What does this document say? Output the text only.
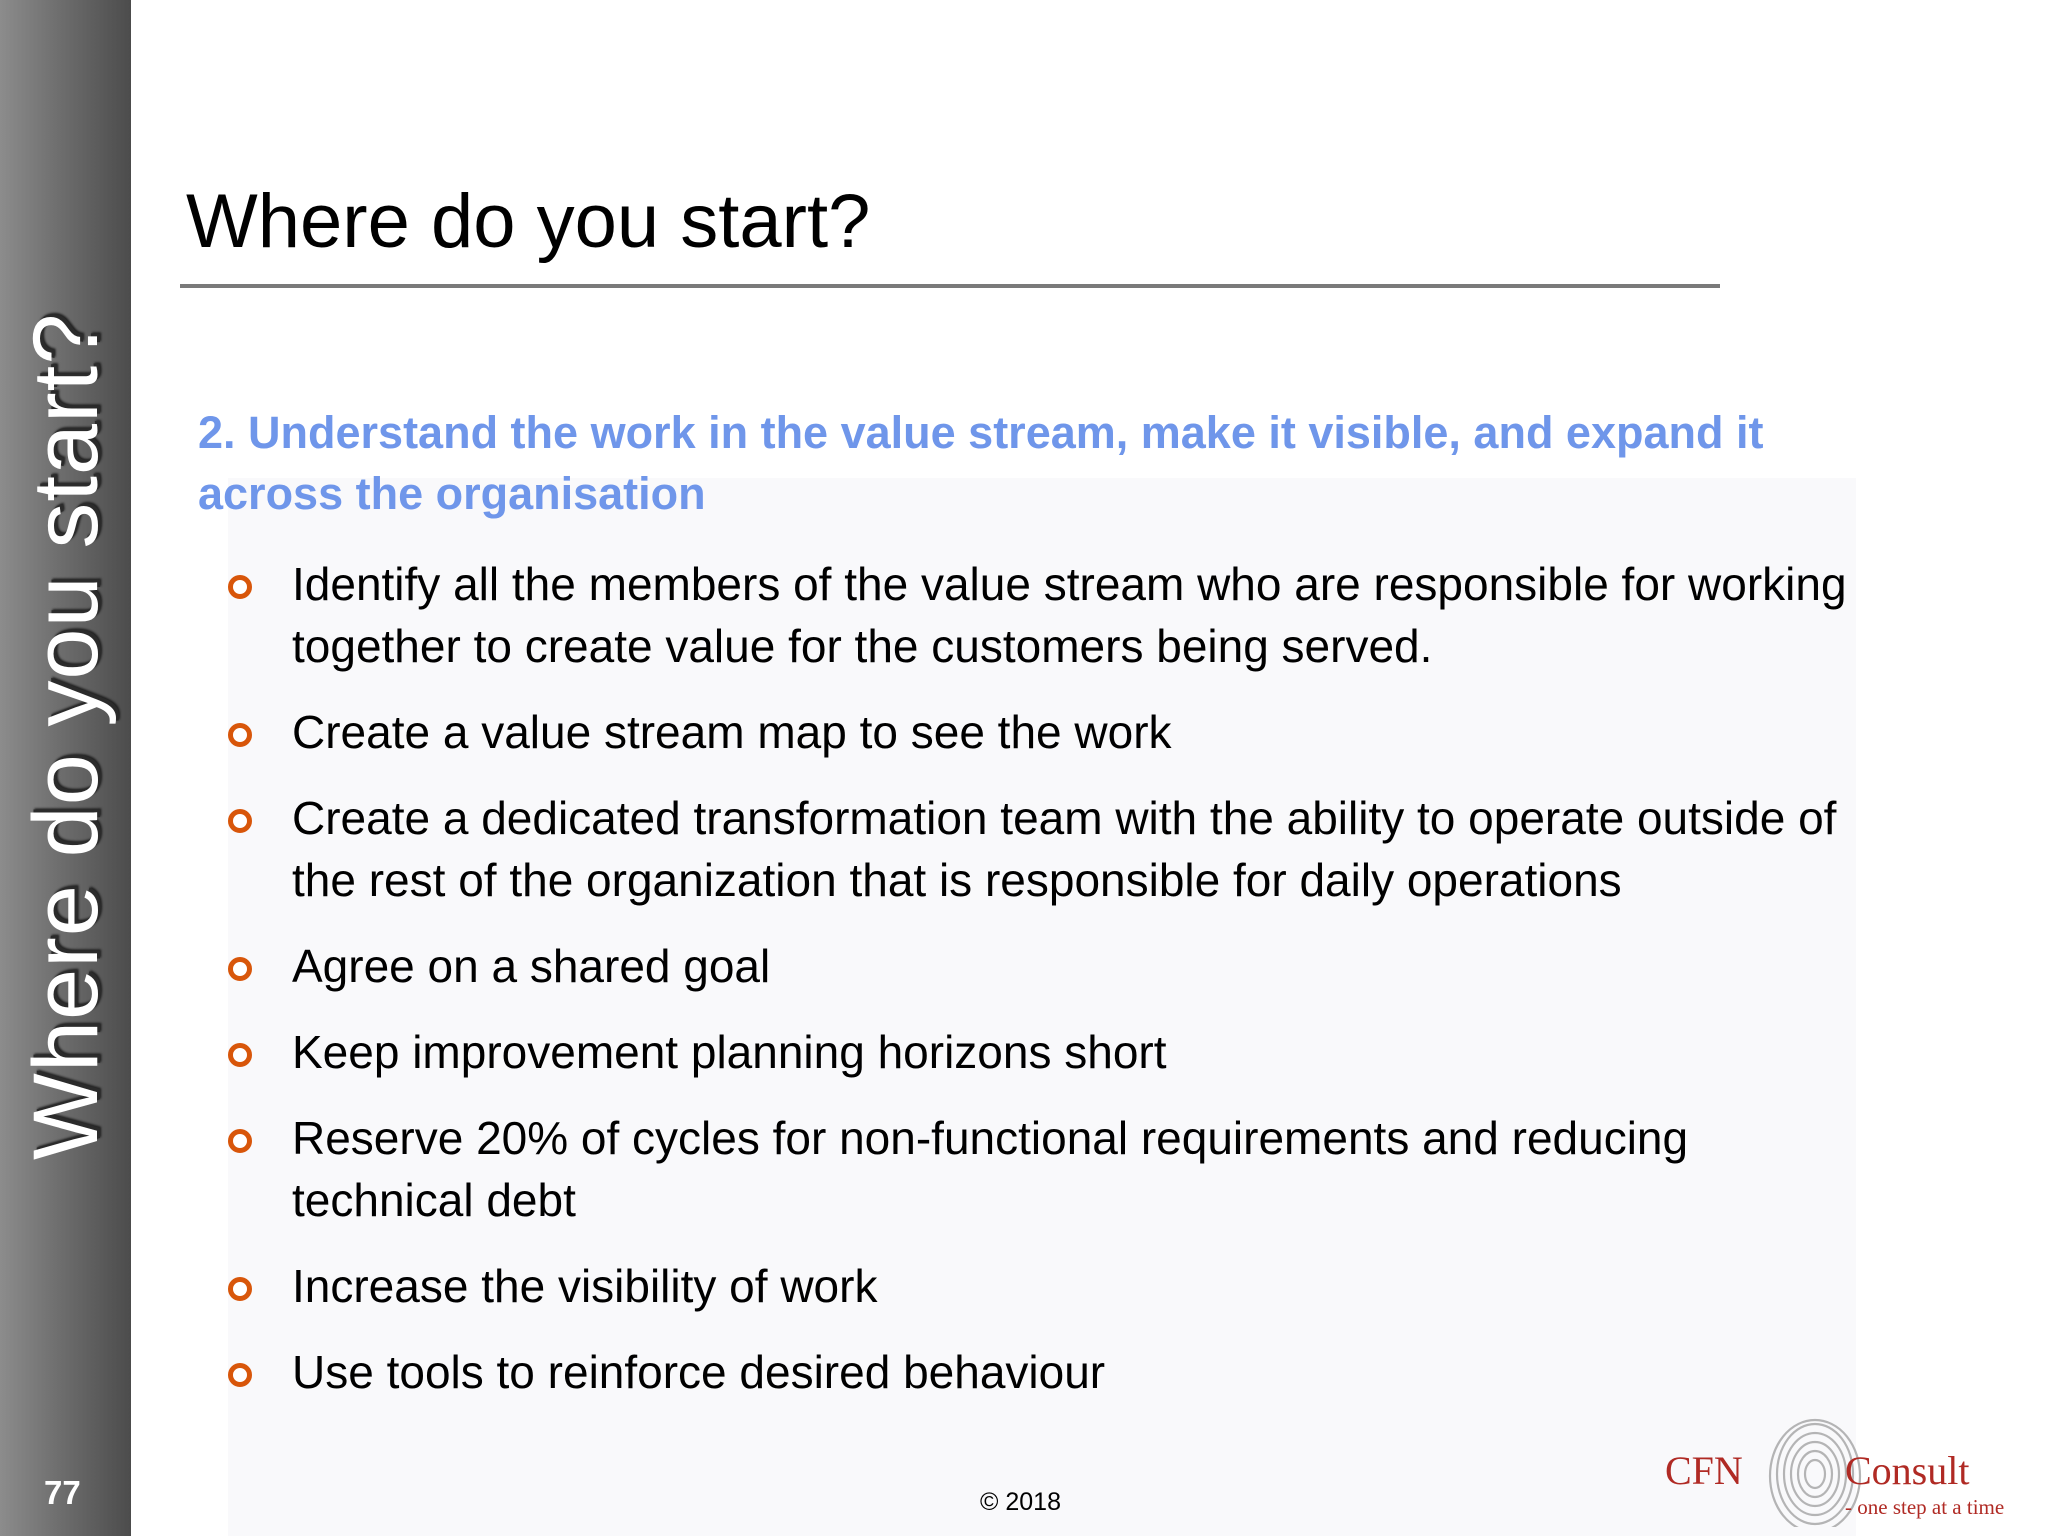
Where do you start?
77
Where do you start?

2. Understand the work in the value stream, make it visible, and expand it across the organisation

Identify all the members of the value stream who are responsible for working together to create value for the customers being served.
Create a value stream map to see the work
Create a dedicated transformation team with the ability to operate outside of the rest of the organization that is responsible for daily operations
Agree on a shared goal
Keep improvement planning horizons short
Reserve 20% of cycles for non-functional requirements and reducing technical debt
Increase the visibility of work
Use tools to reinforce desired behaviour
© 2018
CFN	Consult
- one step at a time
